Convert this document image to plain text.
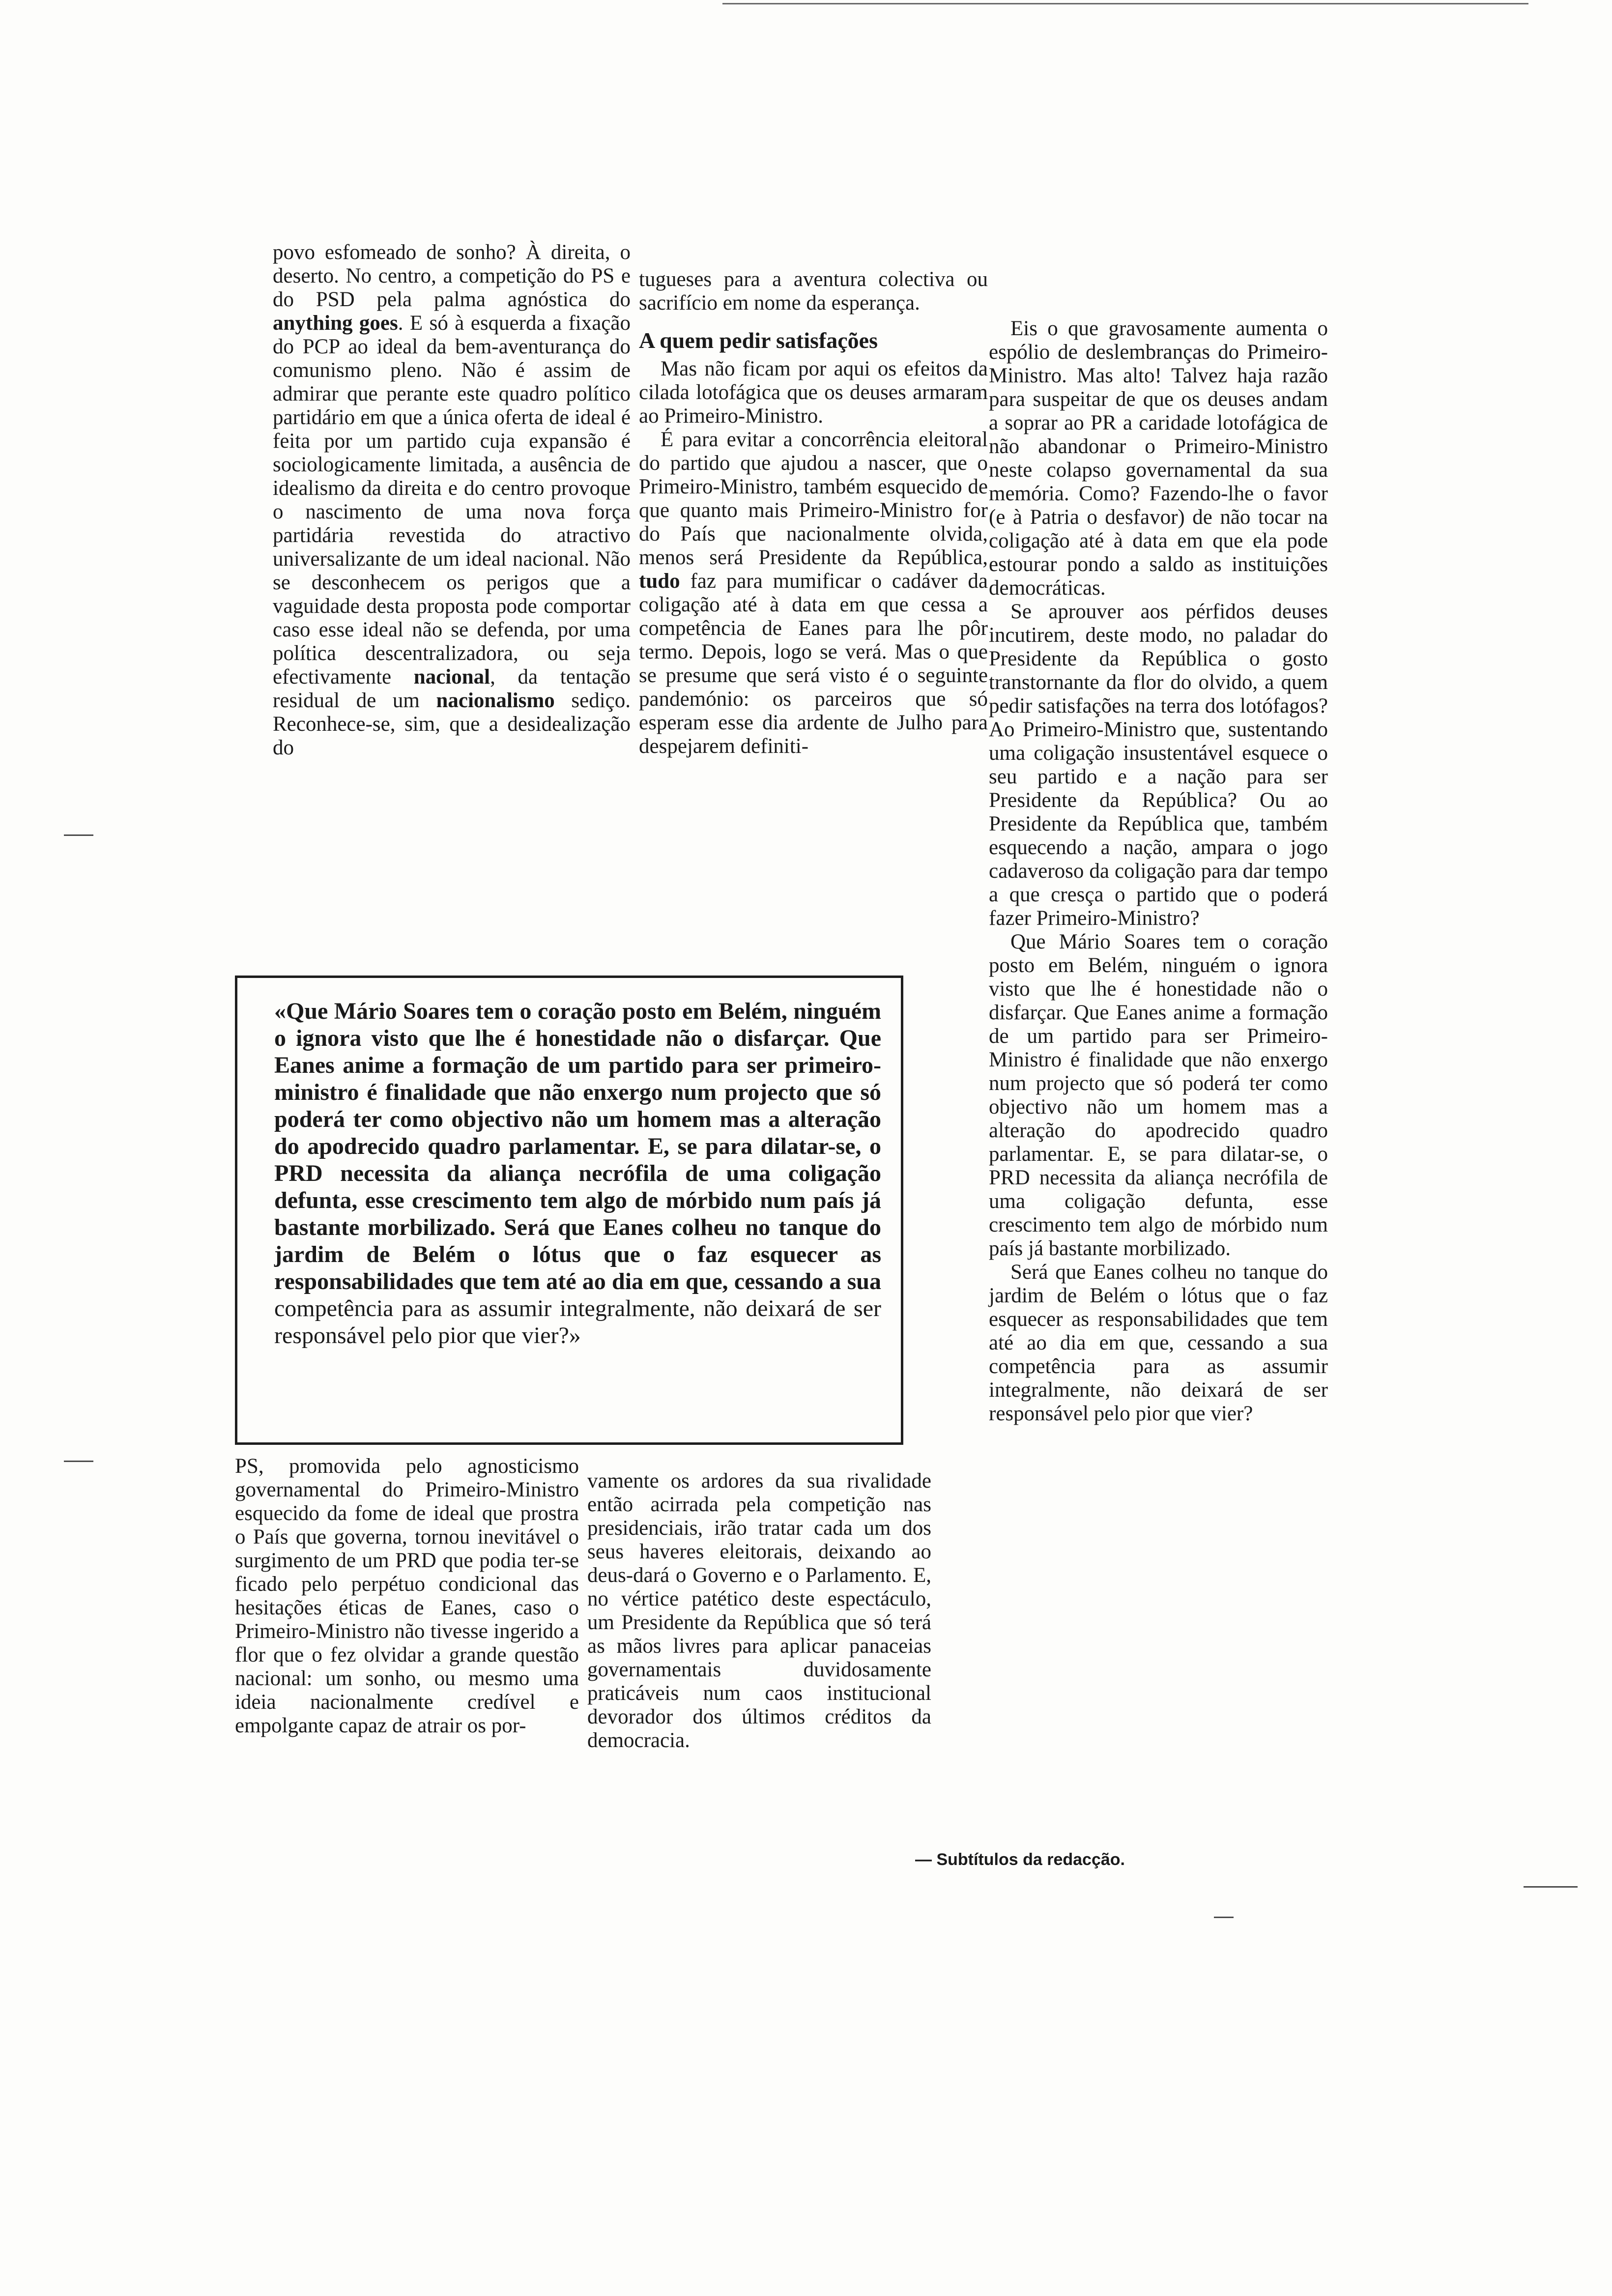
povo esfomeado de sonho? À direita, o deserto. No centro, a competição do PS e do PSD pela palma agnóstica do anything goes. E só à esquerda a fixação do PCP ao ideal da bem-aventurança do comunismo pleno. Não é assim de admirar que perante este quadro político partidário em que a única oferta de ideal é feita por um partido cuja expansão é sociologicamente limitada, a ausência de idealismo da direita e do centro provoque o nascimento de uma nova força partidária revestida do atractivo universalizante de um ideal nacional. Não se desconhecem os perigos que a vaguidade desta proposta pode comportar caso esse ideal não se defenda, por uma política descentralizadora, ou seja efectivamente nacional, da tentação residual de um nacionalismo sediço. Reconhece-se, sim, que a desidealização do

tugueses para a aventura colectiva ou sacrifício em nome da esperança.

A quem pedir satisfações

Mas não ficam por aqui os efeitos da cilada lotofágica que os deuses armaram ao Primeiro-Ministro.

É para evitar a concorrência eleitoral do partido que ajudou a nascer, que o Primeiro-Ministro, também esquecido de que quanto mais Primeiro-Ministro for do País que nacionalmente olvida, menos será Presidente da República, tudo faz para mumificar o cadáver da coligação até à data em que cessa a competência de Eanes para lhe pôr termo. Depois, logo se verá. Mas o que se presume que será visto é o seguinte pandemónio: os parceiros que só esperam esse dia ardente de Julho para despejarem definiti-

Eis o que gravosamente aumenta o espólio de deslembranças do Primeiro-Ministro. Mas alto! Talvez haja razão para suspeitar de que os deuses andam a soprar ao PR a caridade lotofágica de não abandonar o Primeiro-Ministro neste colapso governamental da sua memória. Como? Fazendo-lhe o favor (e à Patria o desfavor) de não tocar na coligação até à data em que ela pode estourar pondo a saldo as instituições democráticas.

Se aprouver aos pérfidos deuses incutirem, deste modo, no paladar do Presidente da República o gosto transtornante da flor do olvido, a quem pedir satisfações na terra dos lotófagos? Ao Primeiro-Ministro que, sustentando uma coligação insustentável esquece o seu partido e a nação para ser Presidente da República? Ou ao Presidente da República que, também esquecendo a nação, ampara o jogo cadaveroso da coligação para dar tempo a que cresça o partido que o poderá fazer Primeiro-Ministro?

Que Mário Soares tem o coração posto em Belém, ninguém o ignora visto que lhe é honestidade não o disfarçar. Que Eanes anime a formação de um partido para ser Primeiro-Ministro é finalidade que não enxergo num projecto que só poderá ter como objectivo não um homem mas a alteração do apodrecido quadro parlamentar. E, se para dilatar-se, o PRD necessita da aliança necrófila de uma coligação defunta, esse crescimento tem algo de mórbido num país já bastante morbilizado.

Será que Eanes colheu no tanque do jardim de Belém o lótus que o faz esquecer as responsabilidades que tem até ao dia em que, cessando a sua competência para as assumir integralmente, não deixará de ser responsável pelo pior que vier?

«Que Mário Soares tem o coração posto em Belém, ninguém o ignora visto que lhe é honestidade não o disfarçar. Que Eanes anime a formação de um partido para ser primeiro-ministro é finalidade que não enxergo num projecto que só poderá ter como objectivo não um homem mas a alteração do apodrecido quadro parlamentar. E, se para dilatar-se, o PRD necessita da aliança necrófila de uma coligação defunta, esse crescimento tem algo de mórbido num país já bastante morbilizado. Será que Eanes colheu no tanque do jardim de Belém o lótus que o faz esquecer as responsabilidades que tem até ao dia em que, cessando a sua competência para as assumir integralmente, não deixará de ser responsável pelo pior que vier?»

PS, promovida pelo agnosticismo governamental do Primeiro-Ministro esquecido da fome de ideal que prostra o País que governa, tornou inevitável o surgimento de um PRD que podia ter-se ficado pelo perpétuo condicional das hesitações éticas de Eanes, caso o Primeiro-Ministro não tivesse ingerido a flor que o fez olvidar a grande questão nacional: um sonho, ou mesmo uma ideia nacionalmente credível e empolgante capaz de atrair os por-

vamente os ardores da sua rivalidade então acirrada pela competição nas presidenciais, irão tratar cada um dos seus haveres eleitorais, deixando ao deus-dará o Governo e o Parlamento. E, no vértice patético deste espectáculo, um Presidente da República que só terá as mãos livres para aplicar panaceias governamentais duvidosamente praticáveis num caos institucional devorador dos últimos créditos da democracia.

— Subtítulos da redacção.
